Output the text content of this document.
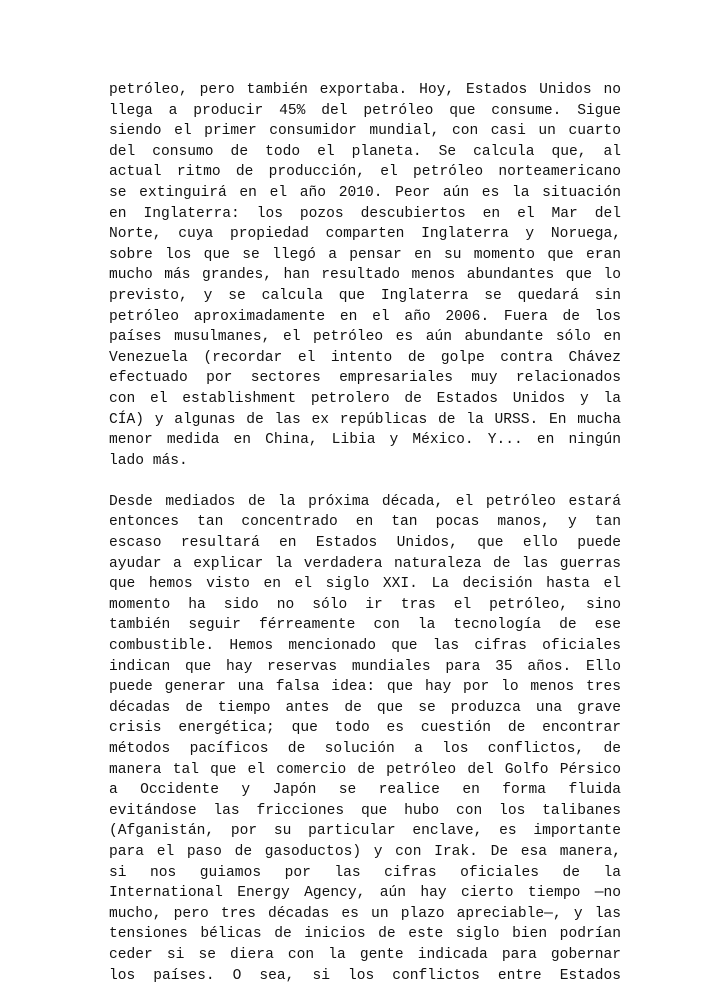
petróleo, pero también exportaba. Hoy, Estados Unidos no
llega a producir 45% del petróleo que consume. Sigue
siendo el primer consumidor mundial, con casi un cuarto
del consumo de todo el planeta. Se calcula que, al
actual ritmo de producción, el petróleo norteamericano
se extinguirá en el año 2010. Peor aún es la situación
en Inglaterra: los pozos descubiertos en el Mar del
Norte, cuya propiedad comparten Inglaterra y Noruega,
sobre los que se llegó a pensar en su momento que eran
mucho más grandes, han resultado menos abundantes que lo
previsto, y se calcula que Inglaterra se quedará sin
petróleo aproximadamente en el año 2006. Fuera de los
países musulmanes, el petróleo es aún abundante sólo en
Venezuela (recordar el intento de golpe contra Chávez
efectuado por sectores empresariales muy relacionados
con el establishment petrolero de Estados Unidos y la
CÍA) y algunas de las ex repúblicas de la URSS. En mucha
menor medida en China, Libia y México. Y... en ningún
lado más.
Desde mediados de la próxima década, el petróleo estará
entonces tan concentrado en tan pocas manos, y tan
escaso resultará en Estados Unidos, que ello puede
ayudar a explicar la verdadera naturaleza de las guerras
que hemos visto en el siglo XXI. La decisión hasta el
momento ha sido no sólo ir tras el petróleo, sino
también seguir férreamente con la tecnología de ese
combustible. Hemos mencionado que las cifras oficiales
indican que hay reservas mundiales para 35 años. Ello
puede generar una falsa idea: que hay por lo menos tres
décadas de tiempo antes de que se produzca una grave
crisis energética; que todo es cuestión de encontrar
métodos pacíficos de solución a los conflictos, de
manera tal que el comercio de petróleo del Golfo Pérsico
a Occidente y Japón se realice en forma fluida
evitándose las fricciones que hubo con los talibanes
(Afganistán, por su particular enclave, es importante
para el paso de gasoductos) y con Irak. De esa manera,
si nos guiamos por las cifras oficiales de la
International Energy Agency, aún hay cierto tiempo —no
mucho, pero tres décadas es un plazo apreciable—, y las
tensiones bélicas de inicios de este siglo bien podrían
ceder si se diera con la gente indicada para gobernar
los países. O sea, si los conflictos entre Estados
